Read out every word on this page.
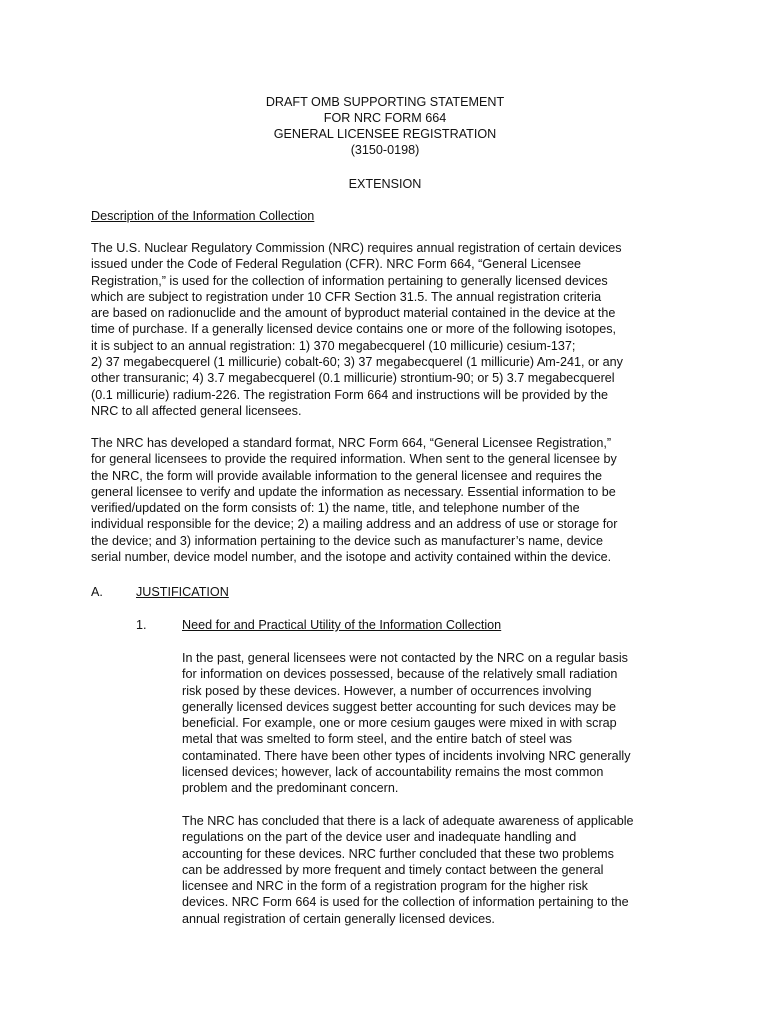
DRAFT OMB SUPPORTING STATEMENT
FOR NRC FORM 664
GENERAL LICENSEE REGISTRATION
(3150-0198)
EXTENSION
Description of the Information Collection
The U.S. Nuclear Regulatory Commission (NRC) requires annual registration of certain devices
issued under the Code of Federal Regulation (CFR). NRC Form 664, “General Licensee
Registration,” is used for the collection of information pertaining to generally licensed devices
which are subject to registration under 10 CFR Section 31.5. The annual registration criteria
are based on radionuclide and the amount of byproduct material contained in the device at the
time of purchase. If a generally licensed device contains one or more of the following isotopes,
it is subject to an annual registration: 1) 370 megabecquerel (10 millicurie) cesium-137;
2) 37 megabecquerel (1 millicurie) cobalt-60; 3) 37 megabecquerel (1 millicurie) Am-241, or any
other transuranic; 4) 3.7 megabecquerel (0.1 millicurie) strontium-90; or 5) 3.7 megabecquerel
(0.1 millicurie) radium-226. The registration Form 664 and instructions will be provided by the
NRC to all affected general licensees.
The NRC has developed a standard format, NRC Form 664, “General Licensee Registration,”
for general licensees to provide the required information. When sent to the general licensee by
the NRC, the form will provide available information to the general licensee and requires the
general licensee to verify and update the information as necessary. Essential information to be
verified/updated on the form consists of: 1) the name, title, and telephone number of the
individual responsible for the device; 2) a mailing address and an address of use or storage for
the device; and 3) information pertaining to the device such as manufacturer’s name, device
serial number, device model number, and the isotope and activity contained within the device.
A.	JUSTIFICATION
1.	Need for and Practical Utility of the Information Collection
In the past, general licensees were not contacted by the NRC on a regular basis
for information on devices possessed, because of the relatively small radiation
risk posed by these devices. However, a number of occurrences involving
generally licensed devices suggest better accounting for such devices may be
beneficial. For example, one or more cesium gauges were mixed in with scrap
metal that was smelted to form steel, and the entire batch of steel was
contaminated. There have been other types of incidents involving NRC generally
licensed devices; however, lack of accountability remains the most common
problem and the predominant concern.
The NRC has concluded that there is a lack of adequate awareness of applicable
regulations on the part of the device user and inadequate handling and
accounting for these devices. NRC further concluded that these two problems
can be addressed by more frequent and timely contact between the general
licensee and NRC in the form of a registration program for the higher risk
devices. NRC Form 664 is used for the collection of information pertaining to the
annual registration of certain generally licensed devices.
